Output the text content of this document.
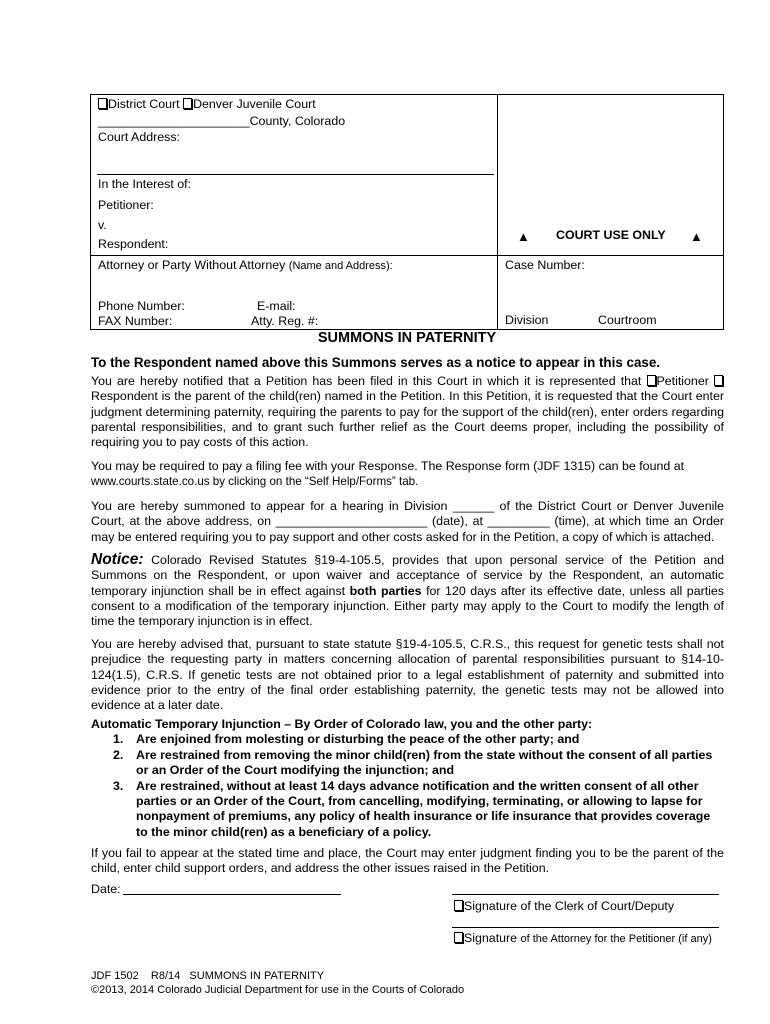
District Court Denver Juvenile Court
______________________County, Colorado
Court Address:
In the Interest of:
Petitioner:
v.
Respondent:	▲ COURT USE ONLY ▲
Attorney or Party Without Attorney (Name and Address):	Case Number:
Phone Number:	E-mail:
FAX Number:	Atty. Reg. #:	Division	Courtroom
SUMMONS IN PATERNITY
To the Respondent named above this Summons serves as a notice to appear in this case.
You are hereby notified that a Petition has been filed in this Court in which it is represented that Petitioner Respondent is the parent of the child(ren) named in the Petition. In this Petition, it is requested that the Court enter judgment determining paternity, requiring the parents to pay for the support of the child(ren), enter orders regarding parental responsibilities, and to grant such further relief as the Court deems proper, including the possibility of requiring you to pay costs of this action.
You may be required to pay a filing fee with your Response. The Response form (JDF 1315) can be found at
www.courts.state.co.us by clicking on the “Self Help/Forms” tab.
You are hereby summoned to appear for a hearing in Division ______ of the District Court or Denver Juvenile Court, at the above address, on ______________________ (date), at _________ (time), at which time an Order may be entered requiring you to pay support and other costs asked for in the Petition, a copy of which is attached.
Notice: Colorado Revised Statutes §19-4-105.5, provides that upon personal service of the Petition and Summons on the Respondent, or upon waiver and acceptance of service by the Respondent, an automatic temporary injunction shall be in effect against both parties for 120 days after its effective date, unless all parties consent to a modification of the temporary injunction. Either party may apply to the Court to modify the length of time the temporary injunction is in effect.
You are hereby advised that, pursuant to state statute §19-4-105.5, C.R.S., this request for genetic tests shall not prejudice the requesting party in matters concerning allocation of parental responsibilities pursuant to §14-10-124(1.5), C.R.S. If genetic tests are not obtained prior to a legal establishment of paternity and submitted into evidence prior to the entry of the final order establishing paternity, the genetic tests may not be allowed into evidence at a later date.
Automatic Temporary Injunction – By Order of Colorado law, you and the other party:
1. Are enjoined from molesting or disturbing the peace of the other party; and
2. Are restrained from removing the minor child(ren) from the state without the consent of all parties or an Order of the Court modifying the injunction; and
3. Are restrained, without at least 14 days advance notification and the written consent of all other parties or an Order of the Court, from cancelling, modifying, terminating, or allowing to lapse for nonpayment of premiums, any policy of health insurance or life insurance that provides coverage to the minor child(ren) as a beneficiary of a policy.
If you fail to appear at the stated time and place, the Court may enter judgment finding you to be the parent of the child, enter child support orders, and address the other issues raised in the Petition.
Date:
Signature of the Clerk of Court/Deputy
Signature of the Attorney for the Petitioner (if any)
JDF 1502    R8/14   SUMMONS IN PATERNITY
©2013, 2014 Colorado Judicial Department for use in the Courts of Colorado
